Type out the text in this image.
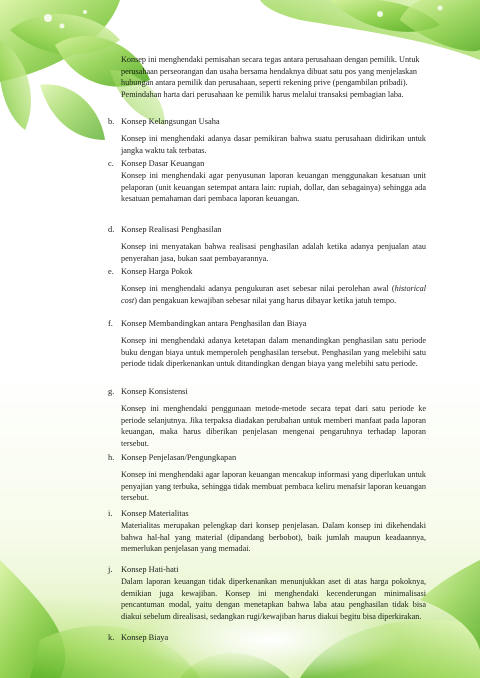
Konsep ini menghendaki pemisahan secara tegas antara perusahaan dengan pemilik. Untuk perusahaan perseorangan dan usaha bersama hendaknya dibuat satu pos yang menjelaskan hubungan antara pemilik dan perusahaan, seperti rekening prive (pengambilan pribadi). Pemindahan harta dari perusahaan ke pemilik harus melalui transaksi pembagian laba.
b. Konsep Kelangsungan Usaha
Konsep ini menghendaki adanya dasar pemikiran bahwa suatu perusahaan didirikan untuk jangka waktu tak terbatas.
c. Konsep Dasar Keuangan
Konsep ini menghendaki agar penyusunan laporan keuangan menggunakan kesatuan unit pelaporan (unit keuangan setempat antara lain: rupiah, dollar, dan sebagainya) sehingga ada kesatuan pemahaman dari pembaca laporan keuangan.
d. Konsep Realisasi Penghasilan
Konsep ini menyatakan bahwa realisasi penghasilan adalah ketika adanya penjualan atau penyerahan jasa, bukan saat pembayarannya.
e. Konsep Harga Pokok
Konsep ini menghendaki adanya pengukuran aset sebesar nilai perolehan awal (historical cost) dan pengakuan kewajiban sebesar nilai yang harus dibayar ketika jatuh tempo.
f. Konsep Membandingkan antara Penghasilan dan Biaya
Konsep ini menghendaki adanya ketetapan dalam menandingkan penghasilan satu periode buku dengan biaya untuk memperoleh penghasilan tersebut. Penghasilan yang melebihi satu periode tidak diperkenankan untuk ditandingkan dengan biaya yang melebihi satu periode.
g. Konsep Konsistensi
Konsep ini menghendaki penggunaan metode-metode secara tepat dari satu periode ke periode selanjutnya. Jika terpaksa diadakan perubahan untuk memberi manfaat pada laporan keuangan, maka harus diberikan penjelasan mengenai pengaruhnya terhadap laporan tersebut.
h. Konsep Penjelasan/Pengungkapan
Konsep ini menghendaki agar laporan keuangan mencakup informasi yang diperlukan untuk penyajian yang terbuka, sehingga tidak membuat pembaca keliru menafsir laporan keuangan tersebut.
i.	Konsep Materialitas
Materialitas merupakan pelengkap dari konsep penjelasan. Dalam konsep ini dikehendaki bahwa hal-hal yang material (dipandang berbobot), baik jumlah maupun keadaannya, memerlukan penjelasan yang memadai.
j.	Konsep Hati-hati
Dalam laporan keuangan tidak diperkenankan menunjukkan aset di atas harga pokoknya, demikian juga kewajiban. Konsep ini menghendaki kecenderungan minimalisasi pencantuman modal, yaitu dengan menetapkan bahwa laba atau penghasilan tidak bisa diakui sebelum direalisasi, sedangkan rugi/kewajiban harus diakui begitu bisa diperkirakan.
k. Konsep Biaya
